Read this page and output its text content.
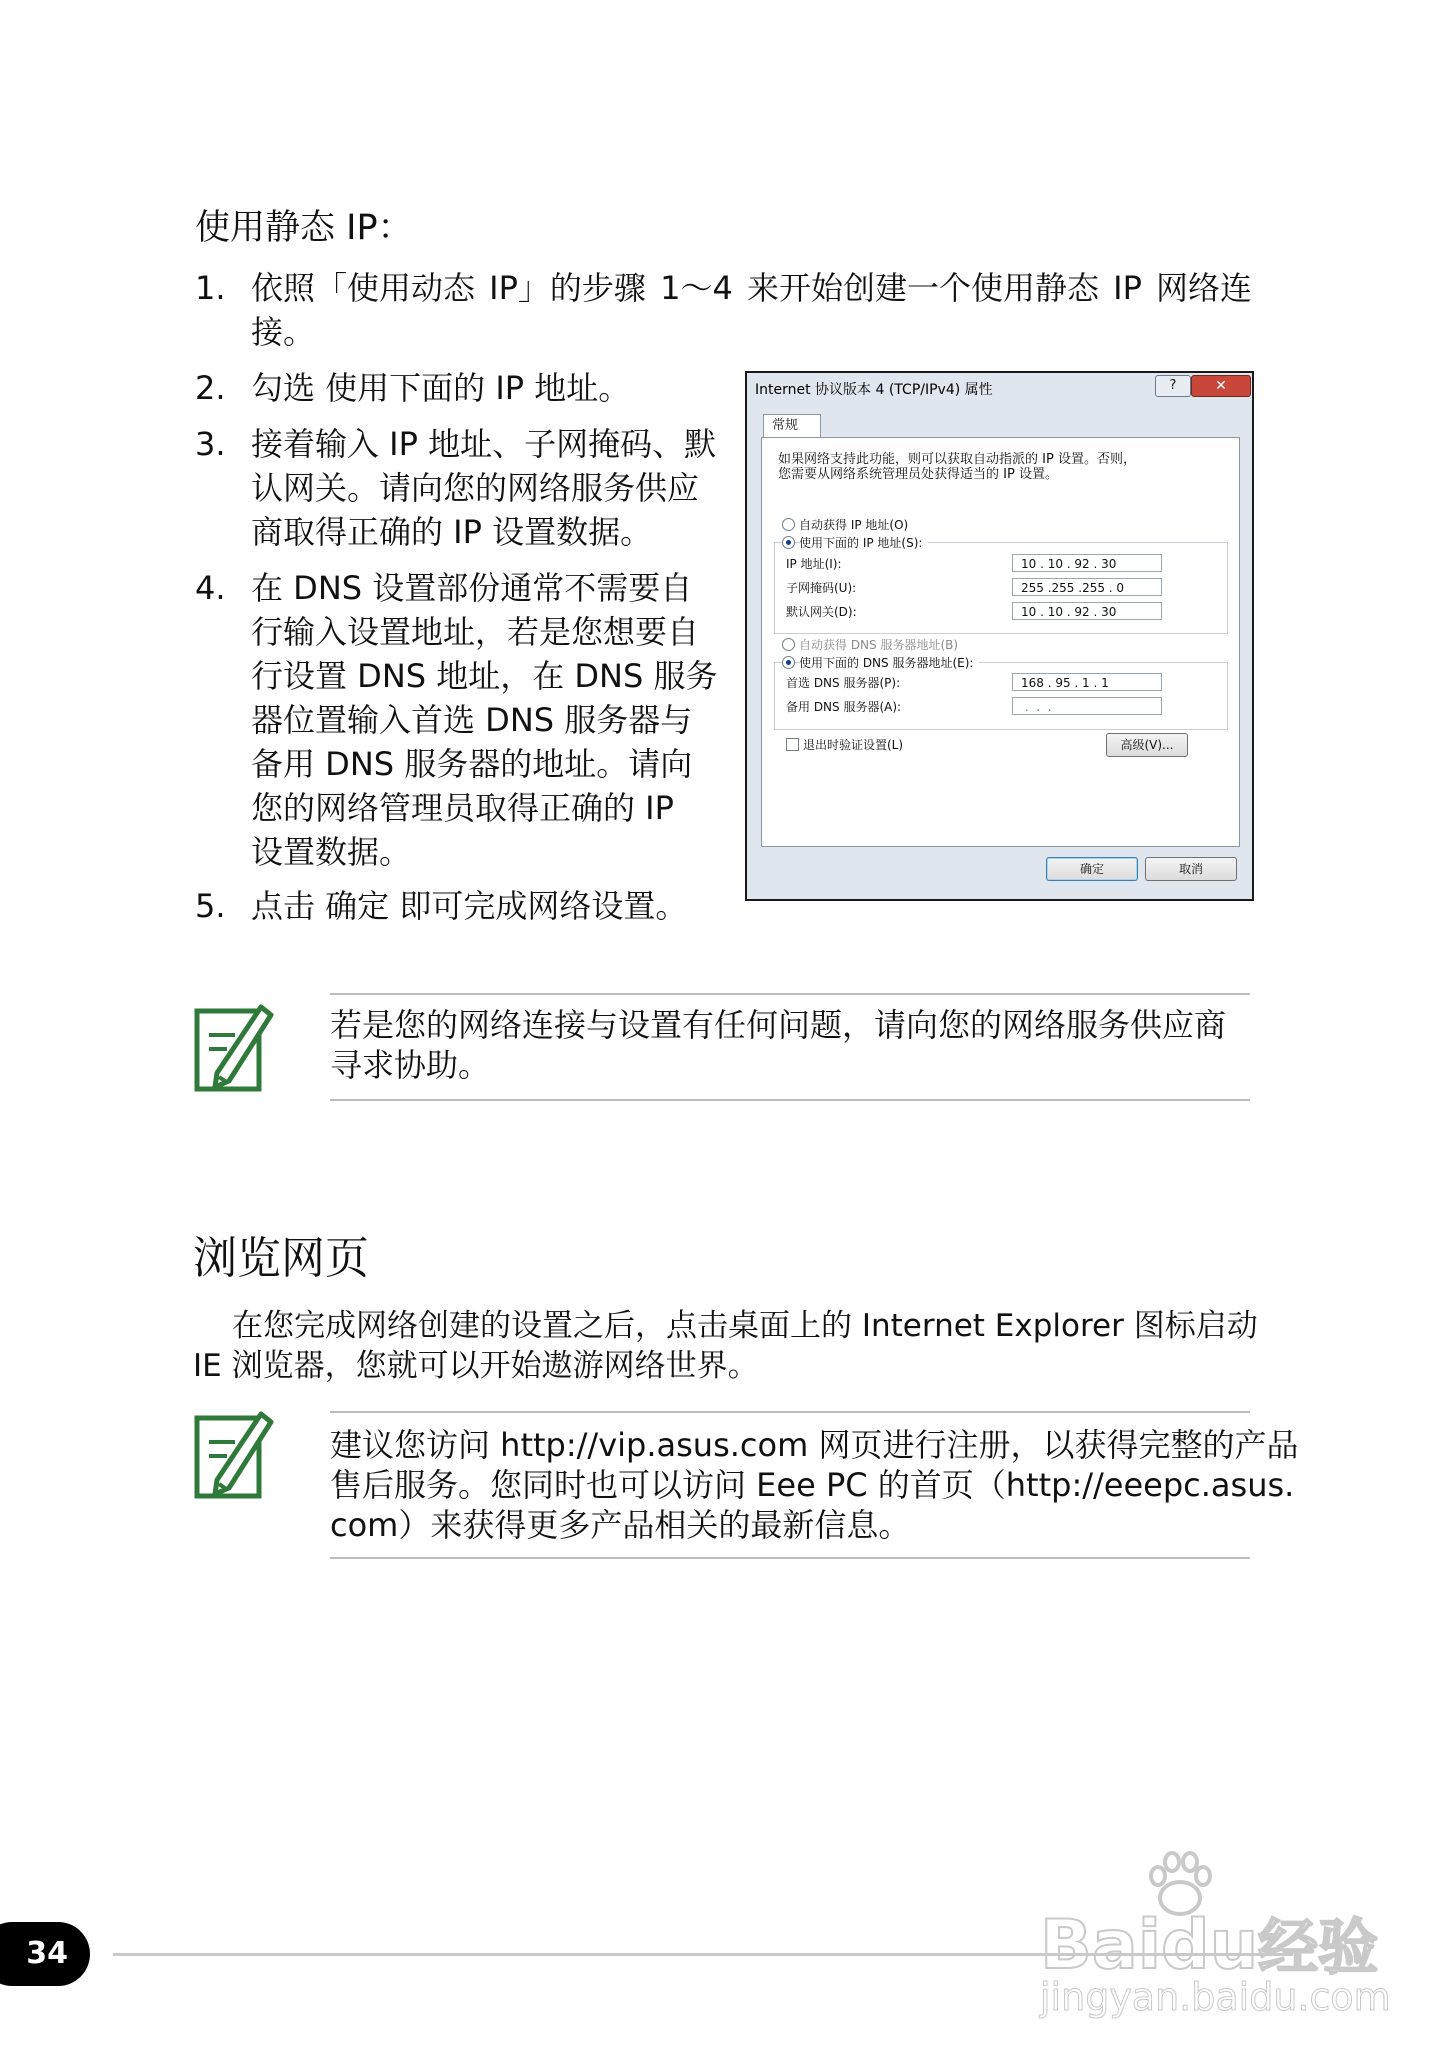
使用静态 IP：
1. 依照「使用动态 IP」的步骤 1～4 来开始创建一个使用静态 IP 网络连
接。
2. 勾选 使用下面的 IP 地址。
3. 接着输入 IP 地址、子网掩码、默
认网关。请向您的网络服务供应
商取得正确的 IP 设置数据。
4. 在 DNS 设置部份通常不需要自
行输入设置地址，若是您想要自
行设置 DNS 地址，在 DNS 服务
器位置输入首选 DNS 服务器与
备用 DNS 服务器的地址。请向
您的网络管理员取得正确的 IP
设置数据。
5. 点击 确定 即可完成网络设置。
Internet 协议版本 4 (TCP/IPv4) 属性	?	✕
常规
如果网络支持此功能，则可以获取自动指派的 IP 设置。否则，
您需要从网络系统管理员处获得适当的 IP 设置。
自动获得 IP 地址(O)
使用下面的 IP 地址(S):
IP 地址(I):	10 . 10 . 92 . 30
子网掩码(U):	255 .255 .255 . 0
默认网关(D):	10 . 10 . 92 . 30
自动获得 DNS 服务器地址(B)
使用下面的 DNS 服务器地址(E):
首选 DNS 服务器(P):	168 . 95 . 1 . 1
备用 DNS 服务器(A):	.  .  .
退出时验证设置(L)	高级(V)...
确定	取消
若是您的网络连接与设置有任何问题，请向您的网络服务供应商
寻求协助。
浏览网页
在您完成网络创建的设置之后，点击桌面上的 Internet Explorer 图标启动
IE 浏览器，您就可以开始遨游网络世界。
建议您访问 http://vip.asus.com 网页进行注册，以获得完整的产品
售后服务。您同时也可以访问 Eee PC 的首页（http://eeepc.asus.
com）来获得更多产品相关的最新信息。
34	Baidu经验
jingyan.baidu.com
